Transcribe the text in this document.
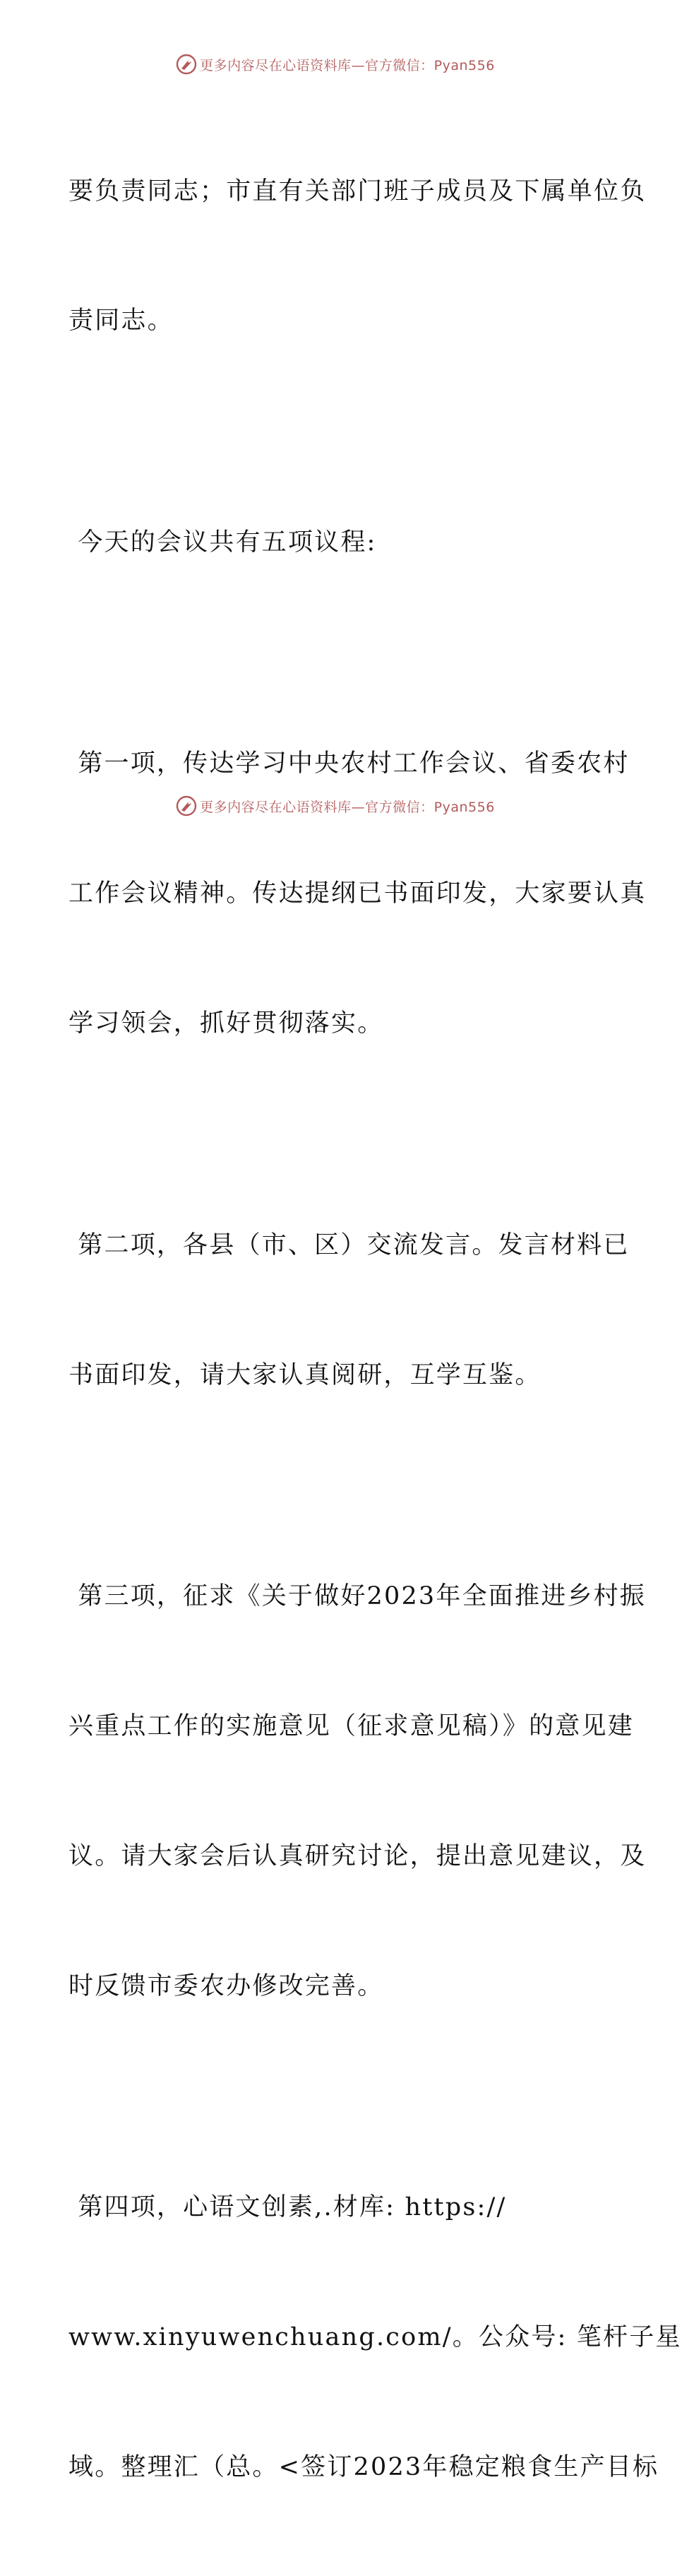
更多内容尽在心语资料库—官方微信：Pyan556

要负责同志；市直有关部门班子成员及下属单位负

责同志。

今天的会议共有五项议程:

第一项，传达学习中央农村工作会议、省委农村

工作会议精神。传达提纲已书面印发，大家要认真

学习领会，抓好贯彻落实。

第二项，各县（市、区）交流发言。发言材料已

书面印发，请大家认真阅研，互学互鉴。

第三项，征求《关于做好2023年全面推进乡村振

兴重点工作的实施意见（征求意见稿）》的意见建

议。请大家会后认真研究讨论，提出意见建议，及

时反馈市委农办修改完善。

第四项，心语文创素,.材库: https://

www.xinyuwenchuang.com/。公众号: 笔杆子星

域。整理汇（总。<签订2023年稳定粮食生产目标

更多内容尽在心语资料库—官方微信：Pyan556
